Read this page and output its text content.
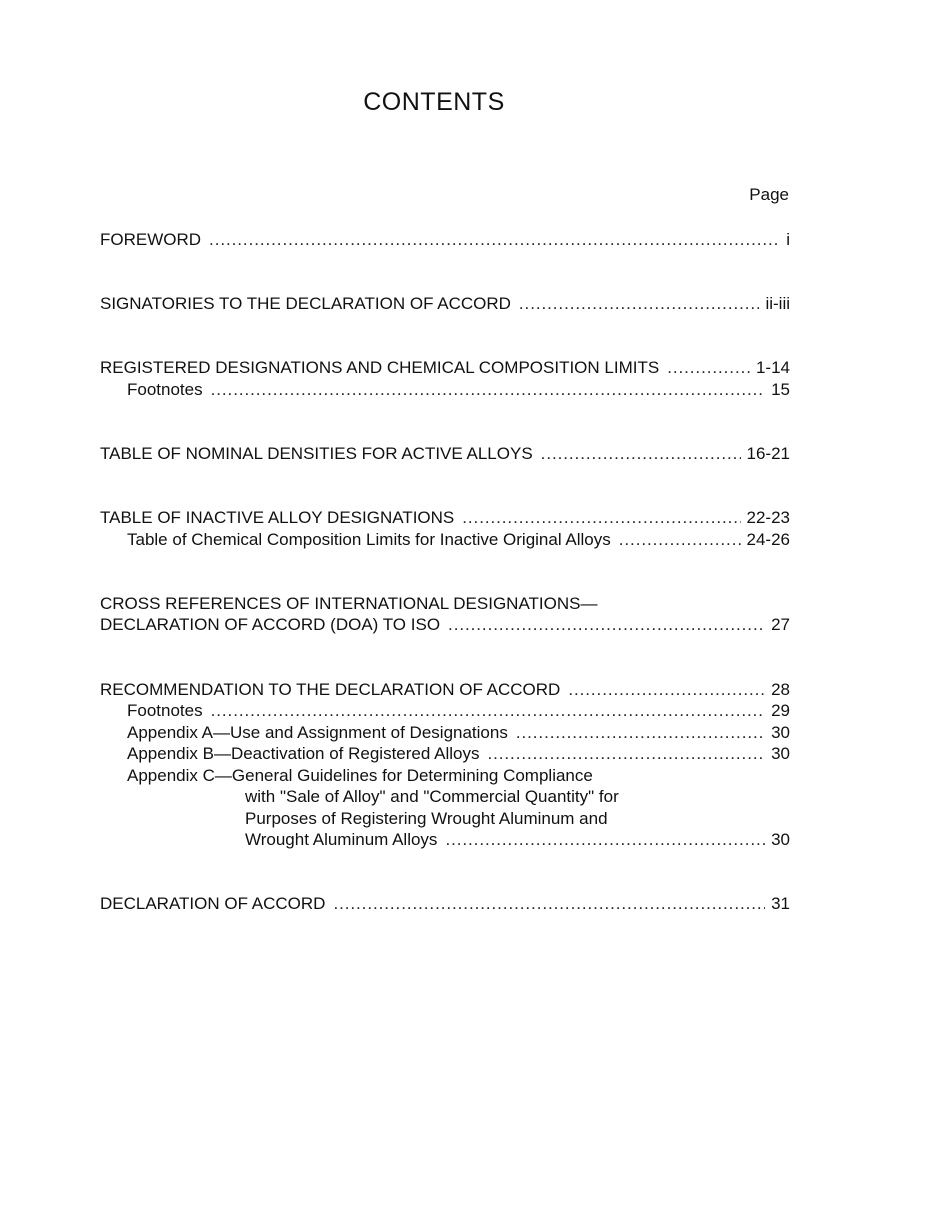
CONTENTS
Page
FOREWORD . . .	i
SIGNATORIES TO THE DECLARATION OF ACCORD . . .	ii-iii
REGISTERED DESIGNATIONS AND CHEMICAL COMPOSITION LIMITS . . .	1-14
Footnotes . . .	15
TABLE OF NOMINAL DENSITIES FOR ACTIVE ALLOYS . . .	16-21
TABLE OF INACTIVE ALLOY DESIGNATIONS . . .	22-23
Table of Chemical Composition Limits for Inactive Original Alloys . . .	24-26
CROSS REFERENCES OF INTERNATIONAL DESIGNATIONS—
DECLARATION OF ACCORD (DOA) TO ISO . . .	27
RECOMMENDATION TO THE DECLARATION OF ACCORD . . .	28
Footnotes . . .	29
Appendix A—Use and Assignment of Designations . . .	30
Appendix B—Deactivation of Registered Alloys . . .	30
Appendix C—General Guidelines for Determining Compliance
with "Sale of Alloy" and "Commercial Quantity" for
Purposes of Registering Wrought Aluminum and
Wrought Aluminum Alloys . . .	30
DECLARATION OF ACCORD . . .	31
